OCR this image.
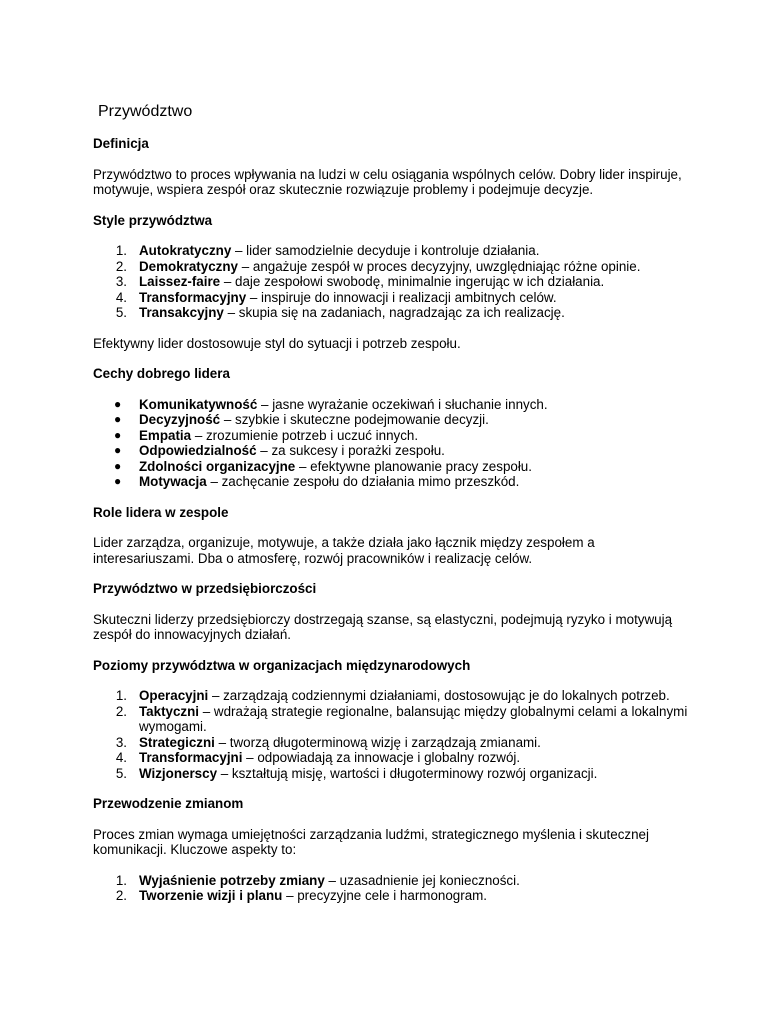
Przywództwo
Definicja
Przywództwo to proces wpływania na ludzi w celu osiągania wspólnych celów. Dobry lider inspiruje, motywuje, wspiera zespół oraz skutecznie rozwiązuje problemy i podejmuje decyzje.
Style przywództwa
1. Autokratyczny – lider samodzielnie decyduje i kontroluje działania.
2. Demokratyczny – angażuje zespół w proces decyzyjny, uwzględniając różne opinie.
3. Laissez-faire – daje zespołowi swobodę, minimalnie ingerując w ich działania.
4. Transformacyjny – inspiruje do innowacji i realizacji ambitnych celów.
5. Transakcyjny – skupia się na zadaniach, nagradzając za ich realizację.
Efektywny lider dostosowuje styl do sytuacji i potrzeb zespołu.
Cechy dobrego lidera
● Komunikatywność – jasne wyrażanie oczekiwań i słuchanie innych.
● Decyzyjność – szybkie i skuteczne podejmowanie decyzji.
● Empatia – zrozumienie potrzeb i uczuć innych.
● Odpowiedzialność – za sukcesy i porażki zespołu.
● Zdolności organizacyjne – efektywne planowanie pracy zespołu.
● Motywacja – zachęcanie zespołu do działania mimo przeszkód.
Role lidera w zespole
Lider zarządza, organizuje, motywuje, a także działa jako łącznik między zespołem a interesariuszami. Dba o atmosferę, rozwój pracowników i realizację celów.
Przywództwo w przedsiębiorczości
Skuteczni liderzy przedsiębiorczy dostrzegają szanse, są elastyczni, podejmują ryzyko i motywują zespół do innowacyjnych działań.
Poziomy przywództwa w organizacjach międzynarodowych
1. Operacyjni – zarządzają codziennymi działaniami, dostosowując je do lokalnych potrzeb.
2. Taktyczni – wdrażają strategie regionalne, balansując między globalnymi celami a lokalnymi wymogami.
3. Strategiczni – tworzą długoterminową wizję i zarządzają zmianami.
4. Transformacyjni – odpowiadają za innowacje i globalny rozwój.
5. Wizjonerscy – kształtują misję, wartości i długoterminowy rozwój organizacji.
Przewodzenie zmianom
Proces zmian wymaga umiejętności zarządzania ludźmi, strategicznego myślenia i skutecznej komunikacji. Kluczowe aspekty to:
1. Wyjaśnienie potrzeby zmiany – uzasadnienie jej konieczności.
2. Tworzenie wizji i planu – precyzyjne cele i harmonogram.
